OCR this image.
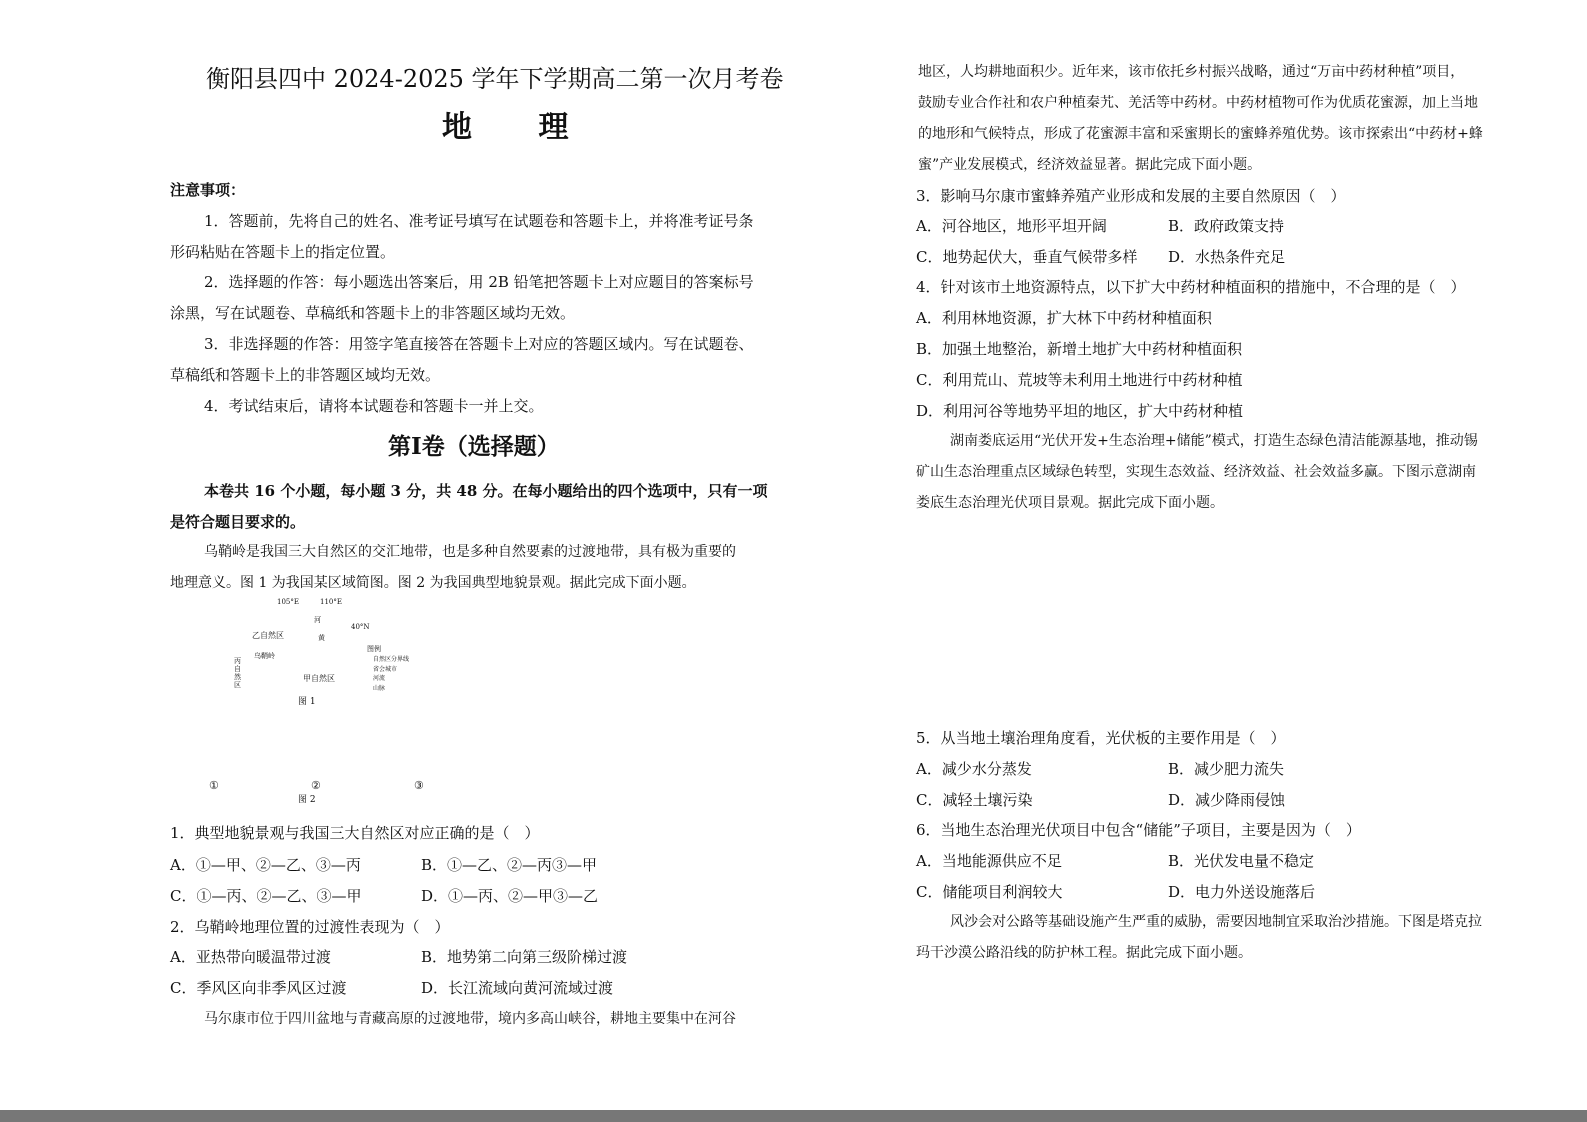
衡阳县四中 2024-2025 学年下学期高二第一次月考卷
地 理
注意事项：
1．答题前，先将自己的姓名、准考证号填写在试题卷和答题卡上，并将准考证号条
形码粘贴在答题卡上的指定位置。
2．选择题的作答：每小题选出答案后，用 2B 铅笔把答题卡上对应题目的答案标号
涂黑，写在试题卷、草稿纸和答题卡上的非答题区域均无效。
3．非选择题的作答：用签字笔直接答在答题卡上对应的答题区域内。写在试题卷、
草稿纸和答题卡上的非答题区域均无效。
4．考试结束后，请将本试题卷和答题卡一并上交。
第Ⅰ卷（选择题）
本卷共 16 个小题，每小题 3 分，共 48 分。在每小题给出的四个选项中，只有一项
是符合题目要求的。
乌鞘岭是我国三大自然区的交汇地带，也是多种自然要素的过渡地带，具有极为重要的
地理意义。图 1 为我国某区域简图。图 2 为我国典型地貌景观。据此完成下面小题。
105°E	110°E
40°N
乙自然区
甲自然区
丙自然区
河
黄
乌鞘岭
图例
自然区分界线
省会城市
河流
山脉
图 1
①	②	③
图 2
1．典型地貌景观与我国三大自然区对应正确的是（　）
A．①—甲、②—乙、③—丙	B．①—乙、②—丙③—甲
C．①—丙、②—乙、③—甲	D．①—丙、②—甲③—乙
2．乌鞘岭地理位置的过渡性表现为（　）
A．亚热带向暖温带过渡	B．地势第二向第三级阶梯过渡
C．季风区向非季风区过渡	D．长江流域向黄河流域过渡
马尔康市位于四川盆地与青藏高原的过渡地带，境内多高山峡谷，耕地主要集中在河谷
地区，人均耕地面积少。近年来，该市依托乡村振兴战略，通过“万亩中药材种植”项目，
鼓励专业合作社和农户种植秦艽、羌活等中药材。中药材植物可作为优质花蜜源，加上当地
的地形和气候特点，形成了花蜜源丰富和采蜜期长的蜜蜂养殖优势。该市探索出“中药材+蜂
蜜”产业发展模式，经济效益显著。据此完成下面小题。
3．影响马尔康市蜜蜂养殖产业形成和发展的主要自然原因（　）
A．河谷地区，地形平坦开阔	B．政府政策支持
C．地势起伏大，垂直气候带多样 D．水热条件充足
4．针对该市土地资源特点，以下扩大中药材种植面积的措施中，不合理的是（　）
A．利用林地资源，扩大林下中药材种植面积
B．加强土地整治，新增土地扩大中药材种植面积
C．利用荒山、荒坡等未利用土地进行中药材种植
D．利用河谷等地势平坦的地区，扩大中药材种植
湖南娄底运用“光伏开发+生态治理+储能”模式，打造生态绿色清洁能源基地，推动锡
矿山生态治理重点区域绿色转型，实现生态效益、经济效益、社会效益多赢。下图示意湖南
娄底生态治理光伏项目景观。据此完成下面小题。
5．从当地土壤治理角度看，光伏板的主要作用是（　）
A．减少水分蒸发	B．减少肥力流失
C．减轻土壤污染	D．减少降雨侵蚀
6．当地生态治理光伏项目中包含“储能”子项目，主要是因为（　）
A．当地能源供应不足	B．光伏发电量不稳定
C．储能项目利润较大	D．电力外送设施落后
风沙会对公路等基础设施产生严重的威胁，需要因地制宜采取治沙措施。下图是塔克拉
玛干沙漠公路沿线的防护林工程。据此完成下面小题。
